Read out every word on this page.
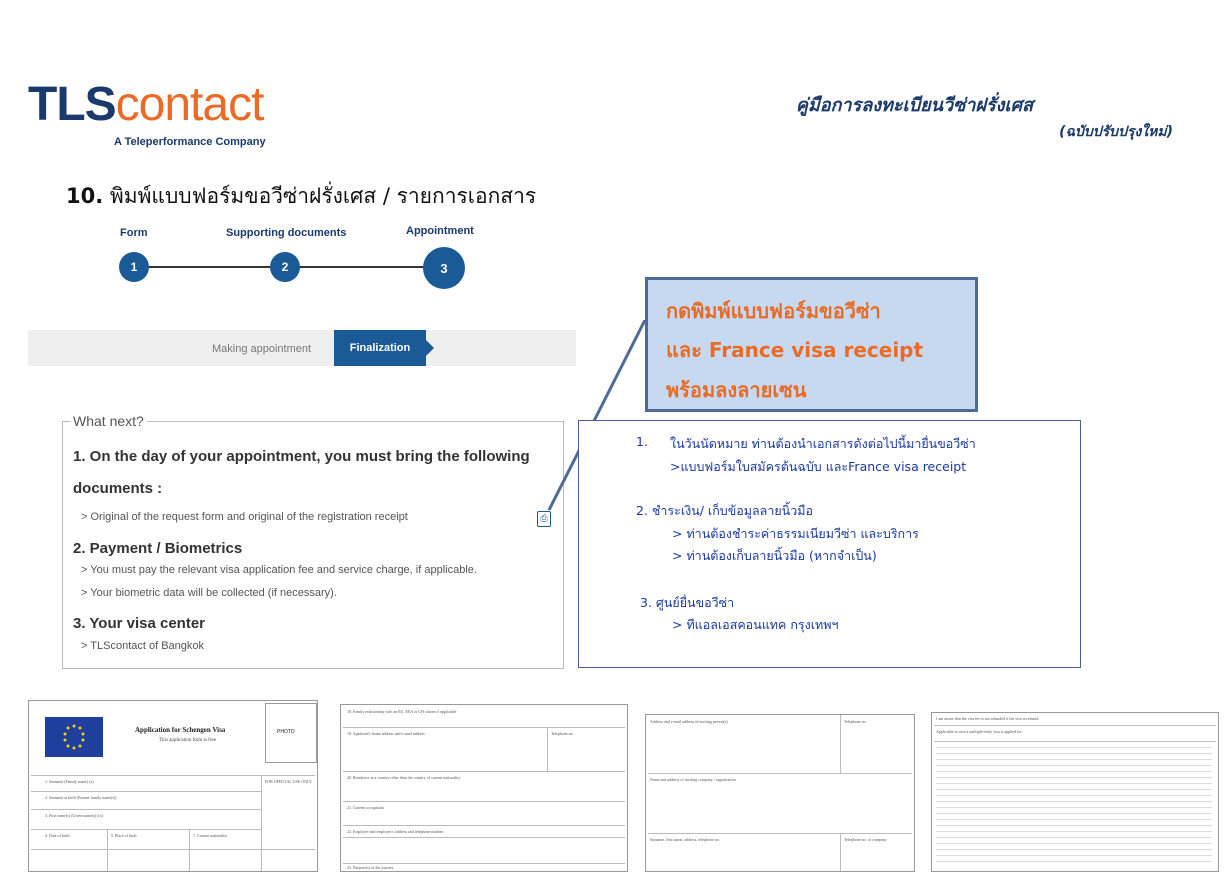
TLScontact
A Teleperformance Company
คู่มือการลงทะเบียนวีซ่าฝรั่งเศส
(ฉบับปรับปรุงใหม่)
10. พิมพ์แบบฟอร์มขอวีซ่าฝรั่งเศส / รายการเอกสาร
Form	Supporting documents	Appointment
1	2	3
Making appointment	Finalization
What next?
1. On the day of your appointment, you must bring the following
documents :
> Original of the request form and original of the registration receipt	⎙
2. Payment / Biometrics
> You must pay the relevant visa application fee and service charge, if applicable.
> Your biometric data will be collected (if necessary).
3. Your visa center
> TLScontact of Bangkok
1. ในวันนัดหมาย ท่านต้องนำเอกสารดังต่อไปนี้มายื่นขอวีซ่า
>แบบฟอร์มใบสมัครต้นฉบับ และFrance visa receipt
2. ชำระเงิน/ เก็บข้อมูลลายนิ้วมือ
> ท่านต้องชำระค่าธรรมเนียมวีซ่า และบริการ
> ท่านต้องเก็บลายนิ้วมือ (หากจำเป็น)
3. ศูนย์ยื่นขอวีซ่า
> ทีแอลเอสคอนแทค กรุงเทพฯ
กดพิมพ์แบบฟอร์มขอวีซ่า
และ France visa receipt
พร้อมลงลายเซน
Application for Schengen Visa
This application form is free
PHOTO
1. Surname (Family name) (x)
2. Surname at birth (Former family name(s))
3. First name(s) (Given name(s)) (x)
4. Date of birth	5. Place of birth	7. Current nationality
FOR OFFICIAL USE ONLY
18. Family relationship with an EU, EEA or CH citizen if applicable
19. Applicant's home address and e-mail address	Telephone no.
20. Residence in a country other than the country of current nationality
21. Current occupation
22. Employer and employer's address and telephone number
23. Purpose(s) of the journey
Address and e-mail address of inviting person(s)	Telephone no.
Name and address of inviting company / organisation
Surname, first name, address, telephone no.	Telephone no. of company
I am aware that the visa fee is not refunded if the visa is refused.
Applicable in case a multiple-entry visa is applied for:
